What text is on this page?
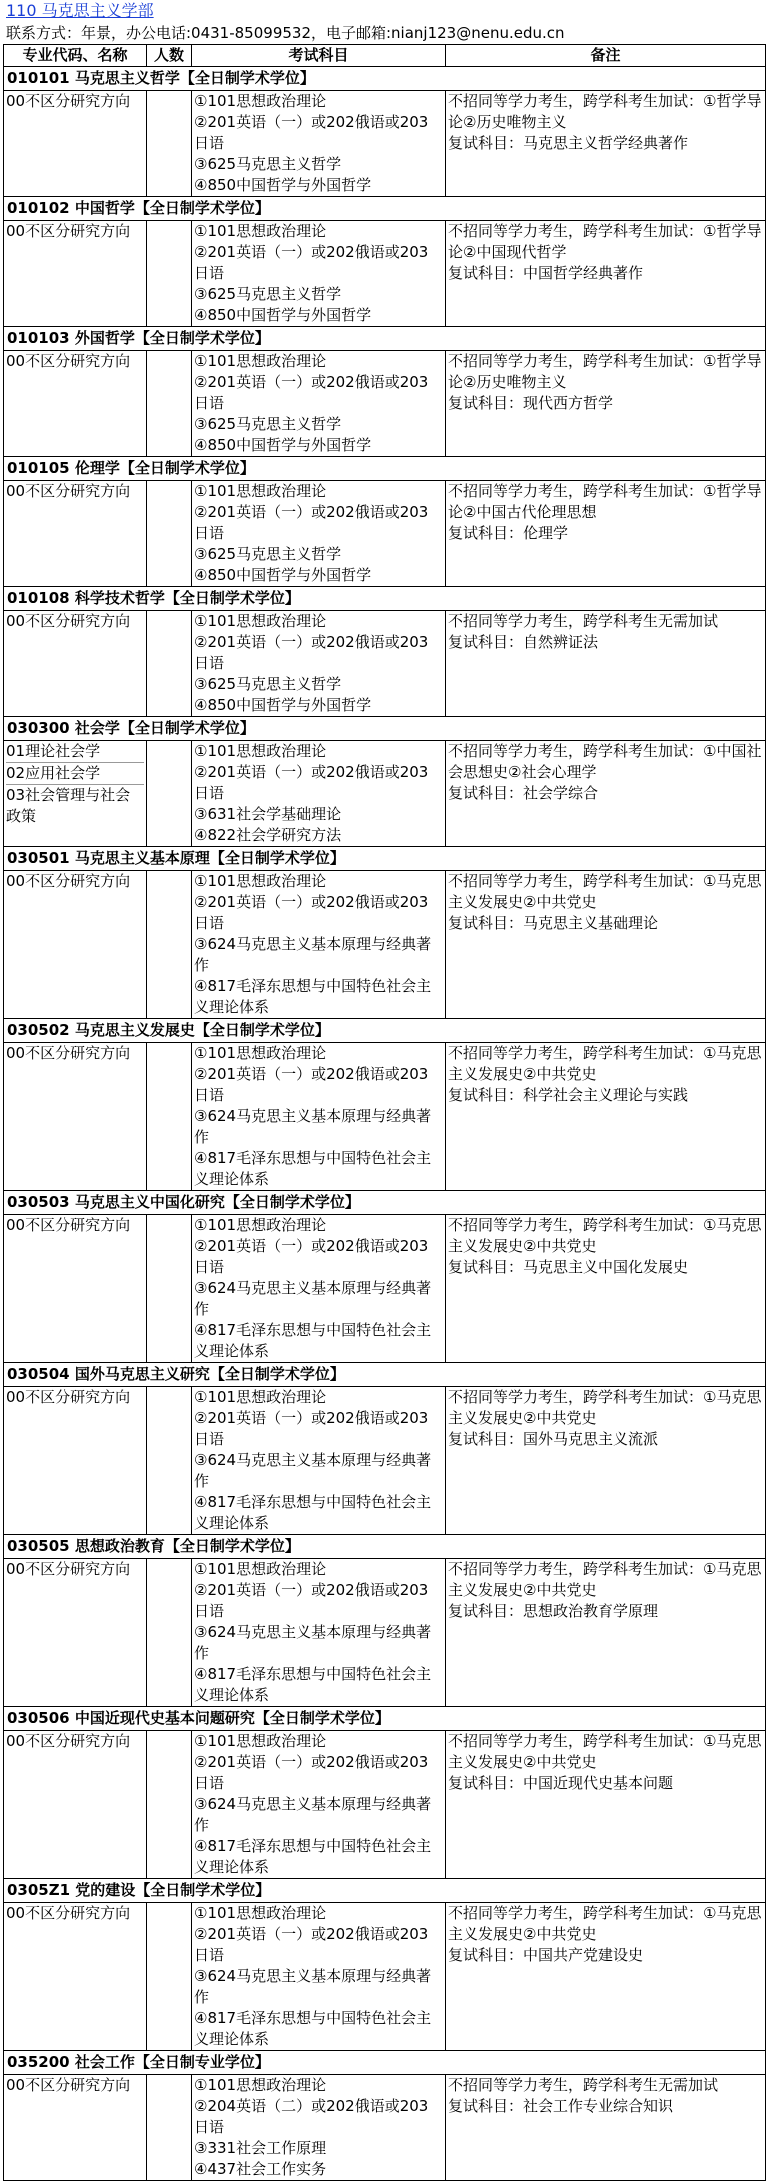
110 马克思主义学部
联系方式：年景，办公电话:0431-85099532，电子邮箱:nianj123@nenu.edu.cn
专业代码、名称	人数	考试科目	备注
010101 马克思主义哲学【全日制学术学位】			

00不区分研究方向		①101思想政治理论
②201英语（一）或202俄语或203日语
③625马克思主义哲学
④850中国哲学与外国哲学	不招同等学力考生，跨学科考生加试：①哲学导论②历史唯物主义
复试科目：马克思主义哲学经典著作

010102 中国哲学【全日制学术学位】			

00不区分研究方向		①101思想政治理论
②201英语（一）或202俄语或203日语
③625马克思主义哲学
④850中国哲学与外国哲学	不招同等学力考生，跨学科考生加试：①哲学导论②中国现代哲学
复试科目：中国哲学经典著作

010103 外国哲学【全日制学术学位】			

00不区分研究方向		①101思想政治理论
②201英语（一）或202俄语或203日语
③625马克思主义哲学
④850中国哲学与外国哲学	不招同等学力考生，跨学科考生加试：①哲学导论②历史唯物主义
复试科目：现代西方哲学

010105 伦理学【全日制学术学位】			

00不区分研究方向		①101思想政治理论
②201英语（一）或202俄语或203日语
③625马克思主义哲学
④850中国哲学与外国哲学	不招同等学力考生，跨学科考生加试：①哲学导论②中国古代伦理思想
复试科目：伦理学

010108 科学技术哲学【全日制学术学位】			

00不区分研究方向		①101思想政治理论
②201英语（一）或202俄语或203日语
③625马克思主义哲学
④850中国哲学与外国哲学	不招同等学力考生，跨学科考生无需加试
复试科目：自然辨证法

030300 社会学【全日制学术学位】			

01理论社会学
02应用社会学
03社会管理与社会政策		①101思想政治理论
②201英语（一）或202俄语或203日语
③631社会学基础理论
④822社会学研究方法	不招同等学力考生，跨学科考生加试：①中国社会思想史②社会心理学
复试科目：社会学综合

030501 马克思主义基本原理【全日制学术学位】			

00不区分研究方向		①101思想政治理论
②201英语（一）或202俄语或203日语
③624马克思主义基本原理与经典著作
④817毛泽东思想与中国特色社会主义理论体系	不招同等学力考生，跨学科考生加试：①马克思主义发展史②中共党史
复试科目：马克思主义基础理论

030502 马克思主义发展史【全日制学术学位】			

00不区分研究方向		①101思想政治理论
②201英语（一）或202俄语或203日语
③624马克思主义基本原理与经典著作
④817毛泽东思想与中国特色社会主义理论体系	不招同等学力考生，跨学科考生加试：①马克思主义发展史②中共党史
复试科目：科学社会主义理论与实践

030503 马克思主义中国化研究【全日制学术学位】			

00不区分研究方向		①101思想政治理论
②201英语（一）或202俄语或203日语
③624马克思主义基本原理与经典著作
④817毛泽东思想与中国特色社会主义理论体系	不招同等学力考生，跨学科考生加试：①马克思主义发展史②中共党史
复试科目：马克思主义中国化发展史

030504 国外马克思主义研究【全日制学术学位】			

00不区分研究方向		①101思想政治理论
②201英语（一）或202俄语或203日语
③624马克思主义基本原理与经典著作
④817毛泽东思想与中国特色社会主义理论体系	不招同等学力考生，跨学科考生加试：①马克思主义发展史②中共党史
复试科目：国外马克思主义流派

030505 思想政治教育【全日制学术学位】			

00不区分研究方向		①101思想政治理论
②201英语（一）或202俄语或203日语
③624马克思主义基本原理与经典著作
④817毛泽东思想与中国特色社会主义理论体系	不招同等学力考生，跨学科考生加试：①马克思主义发展史②中共党史
复试科目：思想政治教育学原理

030506 中国近现代史基本问题研究【全日制学术学位】			

00不区分研究方向		①101思想政治理论
②201英语（一）或202俄语或203日语
③624马克思主义基本原理与经典著作
④817毛泽东思想与中国特色社会主义理论体系	不招同等学力考生，跨学科考生加试：①马克思主义发展史②中共党史
复试科目：中国近现代史基本问题

0305Z1 党的建设【全日制学术学位】			

00不区分研究方向		①101思想政治理论
②201英语（一）或202俄语或203日语
③624马克思主义基本原理与经典著作
④817毛泽东思想与中国特色社会主义理论体系	不招同等学力考生，跨学科考生加试：①马克思主义发展史②中共党史
复试科目：中国共产党建设史

035200 社会工作【全日制专业学位】			

00不区分研究方向		①101思想政治理论
②204英语（二）或202俄语或203日语
③331社会工作原理
④437社会工作实务	不招同等学力考生，跨学科考生无需加试
复试科目：社会工作专业综合知识
